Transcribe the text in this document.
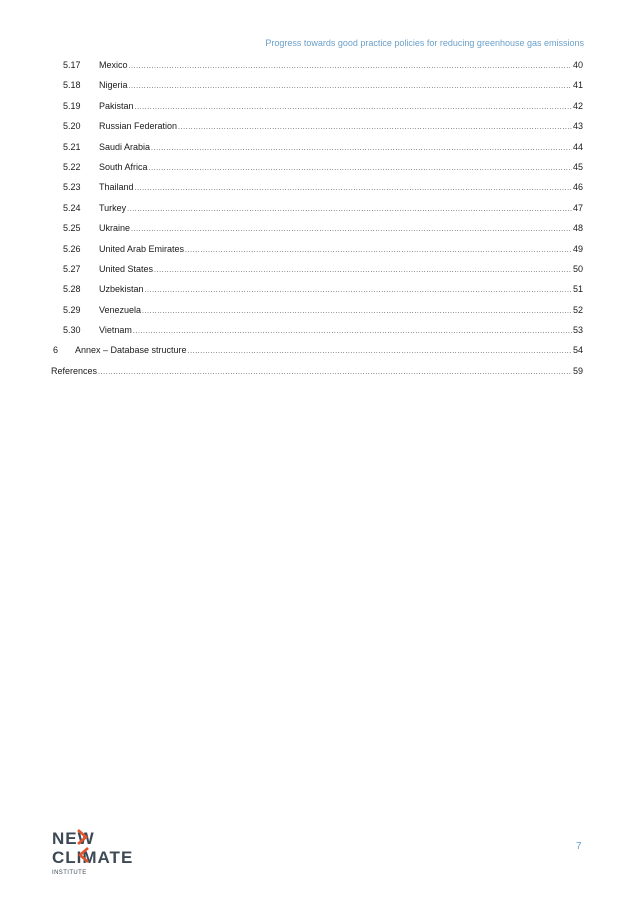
Progress towards good practice policies for reducing greenhouse gas emissions
5.17	Mexico .....	40
5.18	Nigeria .....	41
5.19	Pakistan .....	42
5.20	Russian Federation .....	43
5.21	Saudi Arabia .....	44
5.22	South Africa .....	45
5.23	Thailand .....	46
5.24	Turkey .....	47
5.25	Ukraine .....	48
5.26	United Arab Emirates .....	49
5.27	United States .....	50
5.28	Uzbekistan .....	51
5.29	Venezuela .....	52
5.30	Vietnam .....	53
6	Annex – Database structure .....	54
References .....	59
NEW
CLIMATE
INSTITUTE
7
